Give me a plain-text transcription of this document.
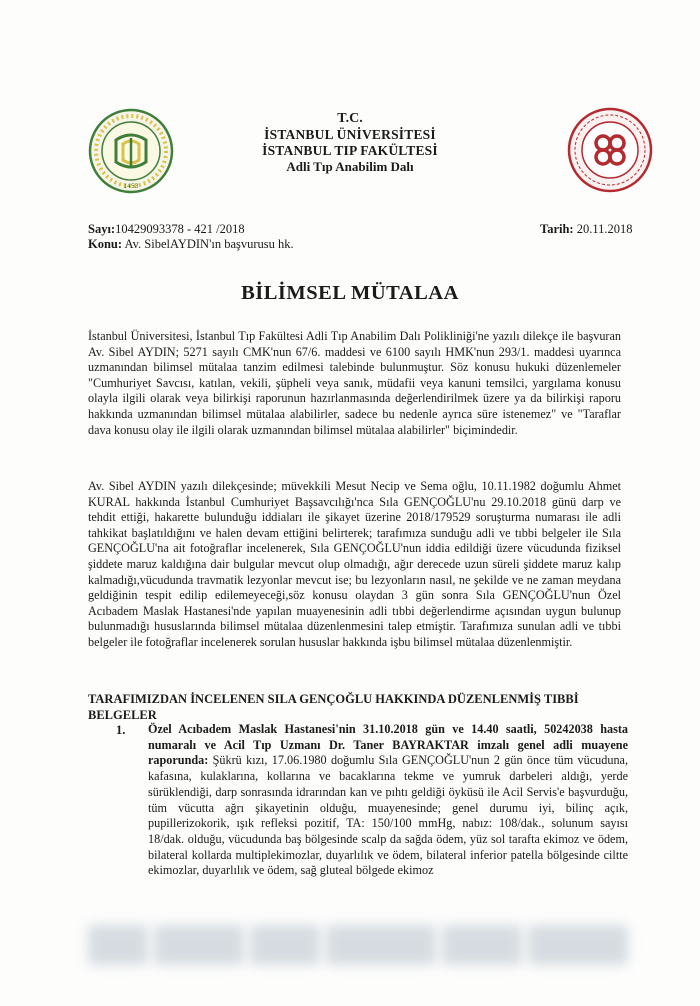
1453
T.C.
İSTANBUL ÜNİVERSİTESİ
İSTANBUL TIP FAKÜLTESİ
Adli Tıp Anabilim Dalı
Sayı:10429093378 - 421 /2018
Konu: Av. SibelAYDIN'ın başvurusu hk.
Tarih: 20.11.2018
BİLİMSEL MÜTALAA
İstanbul Üniversitesi, İstanbul Tıp Fakültesi Adli Tıp Anabilim Dalı Polikliniği'ne yazılı dilekçe ile başvuran Av. Sibel AYDIN; 5271 sayılı CMK'nun 67/6. maddesi ve 6100 sayılı HMK'nun 293/1. maddesi uyarınca uzmanından bilimsel mütalaa tanzim edilmesi talebinde bulunmuştur. Söz konusu hukuki düzenlemeler "Cumhuriyet Savcısı, katılan, vekili, şüpheli veya sanık, müdafii veya kanuni temsilci, yargılama konusu olayla ilgili olarak veya bilirkişi raporunun hazırlanmasında değerlendirilmek üzere ya da bilirkişi raporu hakkında uzmanından bilimsel mütalaa alabilirler, sadece bu nedenle ayrıca süre istenemez" ve "Taraflar dava konusu olay ile ilgili olarak uzmanından bilimsel mütalaa alabilirler" biçimindedir.
Av. Sibel AYDIN yazılı dilekçesinde; müvekkili Mesut Necip ve Sema oğlu, 10.11.1982 doğumlu Ahmet KURAL hakkında İstanbul Cumhuriyet Başsavcılığı'nca Sıla GENÇOĞLU'nu 29.10.2018 günü darp ve tehdit ettiği, hakarette bulunduğu iddiaları ile şikayet üzerine 2018/179529 soruşturma numarası ile adli tahkikat başlatıldığını ve halen devam ettiğini belirterek; tarafımıza sunduğu adli ve tıbbi belgeler ile Sıla GENÇOĞLU'na ait fotoğraflar incelenerek, Sıla GENÇOĞLU'nun iddia edildiği üzere vücudunda fiziksel şiddete maruz kaldığına dair bulgular mevcut olup olmadığı, ağır derecede uzun süreli şiddete maruz kalıp kalmadığı,vücudunda travmatik lezyonlar mevcut ise; bu lezyonların nasıl, ne şekilde ve ne zaman meydana geldiğinin tespit edilip edilemeyeceği,söz konusu olaydan 3 gün sonra Sıla GENÇOĞLU'nun Özel Acıbadem Maslak Hastanesi'nde yapılan muayenesinin adli tıbbi değerlendirme açısından uygun bulunup bulunmadığı hususlarında bilimsel mütalaa düzenlenmesini talep etmiştir. Tarafımıza sunulan adli ve tıbbi belgeler ile fotoğraflar incelenerek sorulan hususlar hakkında işbu bilimsel mütalaa düzenlenmiştir.
TARAFIMIZDAN İNCELENEN SILA GENÇOĞLU HAKKINDA DÜZENLENMİŞ TIBBİ BELGELER
1. Özel Acıbadem Maslak Hastanesi'nin 31.10.2018 gün ve 14.40 saatli, 50242038 hasta numaralı ve Acil Tıp Uzmanı Dr. Taner BAYRAKTAR imzalı genel adli muayene raporunda: Şükrü kızı, 17.06.1980 doğumlu Sıla GENÇOĞLU'nun 2 gün önce tüm vücuduna, kafasına, kulaklarına, kollarına ve bacaklarına tekme ve yumruk darbeleri aldığı, yerde sürüklendiği, darp sonrasında idrarından kan ve pıhtı geldiği öyküsü ile Acil Servis'e başvurduğu, tüm vücutta ağrı şikayetinin olduğu, muayenesinde; genel durumu iyi, bilinç açık, pupillerizokorik, ışık refleksi pozitif, TA: 150/100 mmHg, nabız: 108/dak., solunum sayısı 18/dak. olduğu, vücudunda baş bölgesinde scalp da sağda ödem, yüz sol tarafta ekimoz ve ödem, bilateral kollarda multiplekimozlar, duyarlılık ve ödem, bilateral inferior patella bölgesinde ciltte ekimozlar, duyarlılık ve ödem, sağ gluteal bölgede ekimoz
